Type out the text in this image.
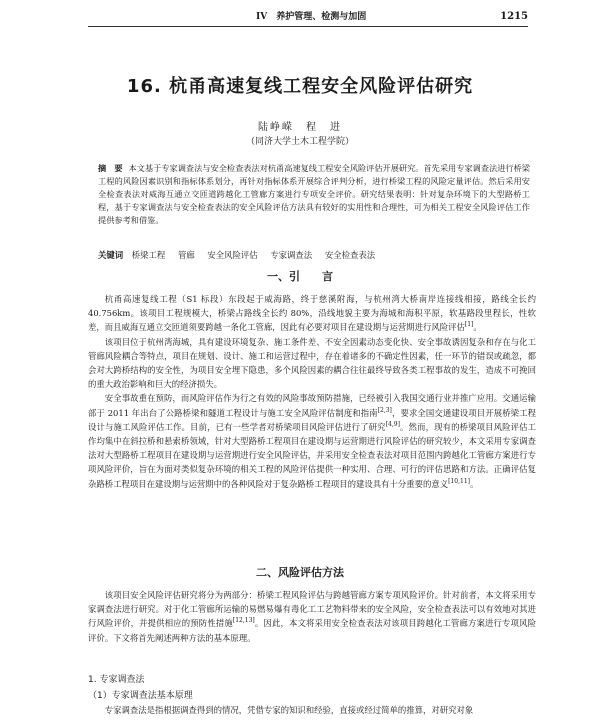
IV　养护管理、检测与加固	1215
16. 杭甬高速复线工程安全风险评估研究
陆峥嵘　程　进
（同济大学土木工程学院）
摘　要 本文基于专家调查法与安全检查表法对杭甬高速复线工程安全风险评估开展研究。首先采用专家调查法进行桥梁工程的风险因素识别和指标体系划分，再针对指标体系开展综合评判分析，进行桥梁工程的风险定量评估。然后采用安全检查表法对威海互通立交匝道跨越化工管廊方案进行专项安全评价。研究结果表明：针对复杂环境下的大型路桥工程，基于专家调查法与安全检查表法的安全风险评估方法具有较好的实用性和合理性，可为相关工程安全风险评估工作提供参考和借鉴。
关键词 桥梁工程 管廊 安全风险评估 专家调查法 安全检查表法
一、引　　言

杭甬高速复线工程（S1 标段）东段起于威海路，终于慈溪附海，与杭州湾大桥南岸连接线相接，路线全长约 40.756km。该项目工程规模大，桥梁占路线全长约 80%，沿线地貌主要为海城和海积平原，软基路段里程长，性软差，而且威海互通立交匝道须要跨越一条化工管廊，因此有必要对项目在建设期与运营期进行风险评估[1]。

该项目位于杭州湾海城，具有建设环境复杂、施工条件差、不安全因素动态变化快、安全事故诱因复杂和存在与化工管廊风险耦合等特点，项目在规划、设计、施工和运营过程中，存在着诸多的不确定性因素，任一环节的错误或疏忽，都会对大跨桥结构的安全性，为项目安全埋下隐患，多个风险因素的耦合往往最终导致各类工程事故的发生，造成不可挽回的重大政治影响和巨大的经济损失。

安全事故重在预防，而风险评估作为行之有效的风险事故预防措施，已经被引入我国交通行业并推广应用。交通运输部于 2011 年出台了公路桥梁和隧道工程设计与施工安全风险评估制度和指南[2,3]，要求全国交通建设项目开展桥梁工程设计与施工风险评估工作。目前，已有一些学者对桥梁项目风险评估进行了研究[4,9]。然而，现有的桥梁项目风险评估工作均集中在斜拉桥和悬索桥领域，针对大型路桥工程项目在建设期与运营期进行风险评估的研究较少，本文采用专家调查法对大型路桥工程项目在建设期与运营期进行安全风险评估，并采用安全检查表法对项目范围内跨越化工管廊方案进行专项风险评价，旨在为面对类似复杂环境的相关工程的风险评估提供一种实用、合理、可行的评估思路和方法。正确评估复杂路桥工程项目在建设期与运营期中的各种风险对于复杂路桥工程项目的建设具有十分重要的意义[10,11]。

二、风险评估方法

该项目安全风险评估研究将分为两部分：桥梁工程风险评估与跨越管廊方案专项风险评价。针对前者，本文将采用专家调查法进行研究。对于化工管廊所运输的易燃易爆有毒化工工艺物料带来的安全风险，安全检查表法可以有效地对其进行风险评价，并提供相应的预防性措施[12,13]。因此，本文将采用安全检查表法对该项目跨越化工管廊方案进行专项风险评价。下文将首先阐述两种方法的基本原理。

1. 专家调查法
（1）专家调查法基本原理

专家调查法是指根据调查得到的情况，凭借专家的知识和经验，直接或经过简单的推算，对研究对象
